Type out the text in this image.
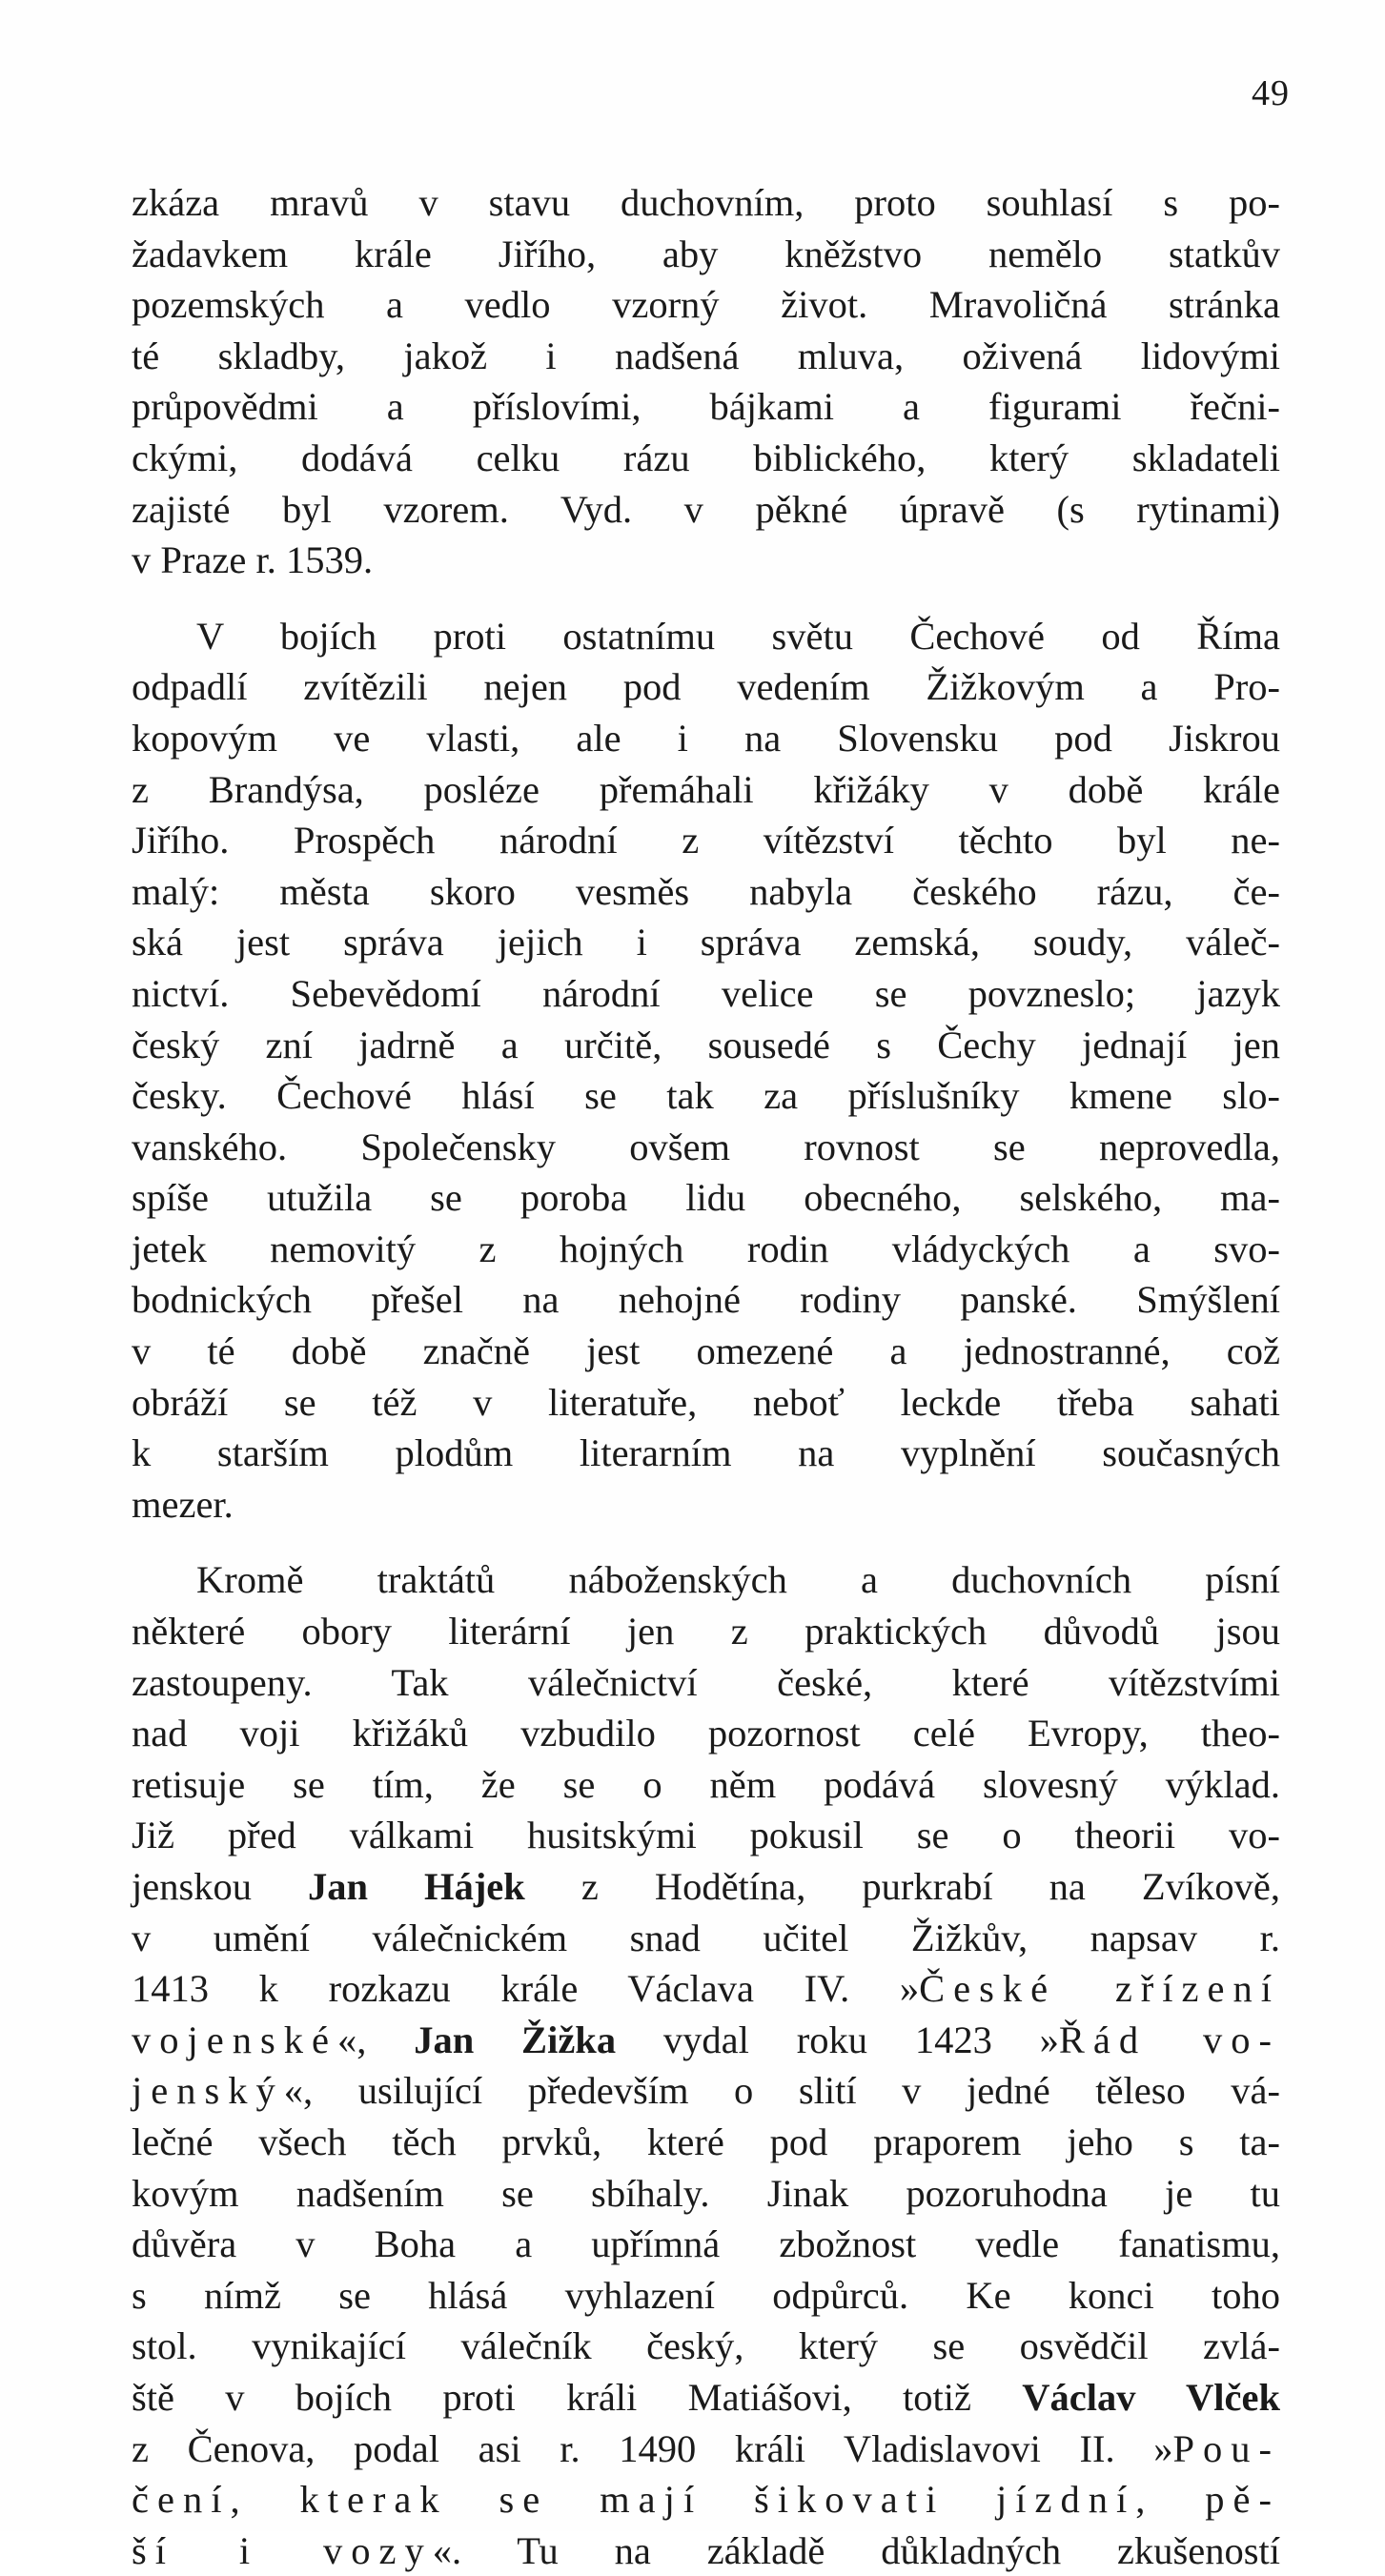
49
zkáza mravů v stavu duchovním, proto souhlasí s po-
žadavkem krále Jiřího, aby kněžstvo nemělo statkův
pozemských a vedlo vzorný život. Mravoličná stránka
té skladby, jakož i nadšená mluva, oživená lidovými
průpovědmi a příslovími, bájkami a figurami řečni-
ckými, dodává celku rázu biblického, který skladateli
zajisté byl vzorem. Vyd. v pěkné úpravě (s rytinami)
v Praze r. 1539.
V bojích proti ostatnímu světu Čechové od Říma
odpadlí zvítězili nejen pod vedením Žižkovým a Pro-
kopovým ve vlasti, ale i na Slovensku pod Jiskrou
z Brandýsa, posléze přemáhali křižáky v době krále
Jiřího. Prospěch národní z vítězství těchto byl ne-
malý: města skoro vesměs nabyla českého rázu, če-
ská jest správa jejich i správa zemská, soudy, váleč-
nictví. Sebevědomí národní velice se povzneslo; jazyk
český zní jadrně a určitě, sousedé s Čechy jednají jen
česky. Čechové hlásí se tak za příslušníky kmene slo-
vanského. Společensky ovšem rovnost se neprovedla,
spíše utužila se poroba lidu obecného, selského, ma-
jetek nemovitý z hojných rodin vládyckých a svo-
bodnických přešel na nehojné rodiny panské. Smýšlení
v té době značně jest omezené a jednostranné, což
obráží se též v literatuře, neboť leckde třeba sahati
k starším plodům literarním na vyplnění současných
mezer.
Kromě traktátů náboženských a duchovních písní
některé obory literární jen z praktických důvodů jsou
zastoupeny. Tak válečnictví české, které vítězstvími
nad voji křižáků vzbudilo pozornost celé Evropy, theo-
retisuje se tím, že se o něm podává slovesný výklad.
Již před válkami husitskými pokusil se o theorii vo-
jenskou Jan Hájek z Hodětína, purkrabí na Zvíkově,
v umění válečnickém snad učitel Žižkův, napsav r.
1413 k rozkazu krále Václava IV. »České zřízení
vojenské«, Jan Žižka vydal roku 1423 »Řád vo-
jenský«, usilující především o slití v jedné těleso vá-
lečné všech těch prvků, které pod praporem jeho s ta-
kovým nadšením se sbíhaly. Jinak pozoruhodna je tu
důvěra v Boha a upřímná zbožnost vedle fanatismu,
s nímž se hlásá vyhlazení odpůrců. Ke konci toho
stol. vynikající válečník český, který se osvědčil zvlá-
ště v bojích proti králi Matiášovi, totiž Václav Vlček
z Čenova, podal asi r. 1490 králi Vladislavovi II. »Pou-
čení, kterak se mají šikovati jízdní, pě-
ší i vozy«. Tu na základě důkladných zkušeností
